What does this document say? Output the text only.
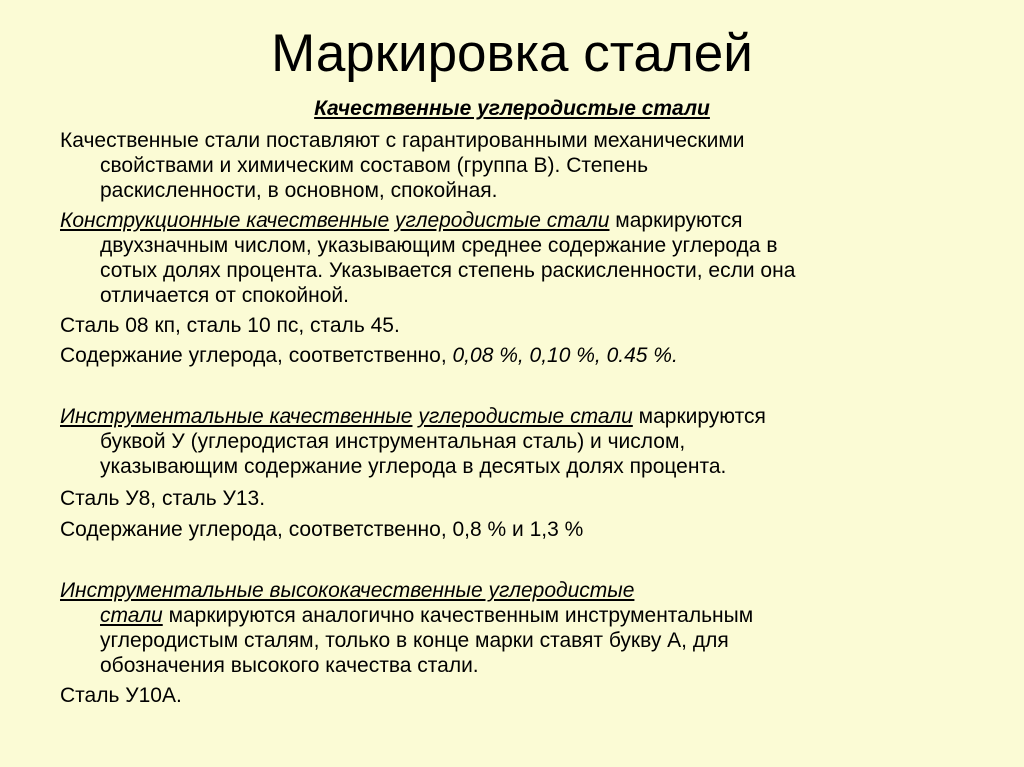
Маркировка сталей
Качественные углеродистые стали
Качественные стали поставляют с гарантированными механическими
свойствами и химическим составом (группа В). Степень
раскисленности, в основном, спокойная.
Конструкционные качественные углеродистые стали маркируются
двухзначным числом, указывающим среднее содержание углерода в
сотых долях процента. Указывается степень раскисленности, если она
отличается от спокойной.
Сталь 08 кп, сталь 10 пс, сталь 45.
Содержание углерода, соответственно, 0,08 %, 0,10 %, 0.45 %.
Инструментальные качественные углеродистые стали маркируются
буквой У (углеродистая инструментальная сталь) и числом,
указывающим содержание углерода в десятых долях процента.
Сталь У8, сталь У13.
Содержание углерода, соответственно, 0,8 % и 1,3 %
Инструментальные высококачественные углеродистые
стали маркируются аналогично качественным инструментальным
углеродистым сталям, только в конце марки ставят букву А, для
обозначения высокого качества стали.
Сталь У10А.
